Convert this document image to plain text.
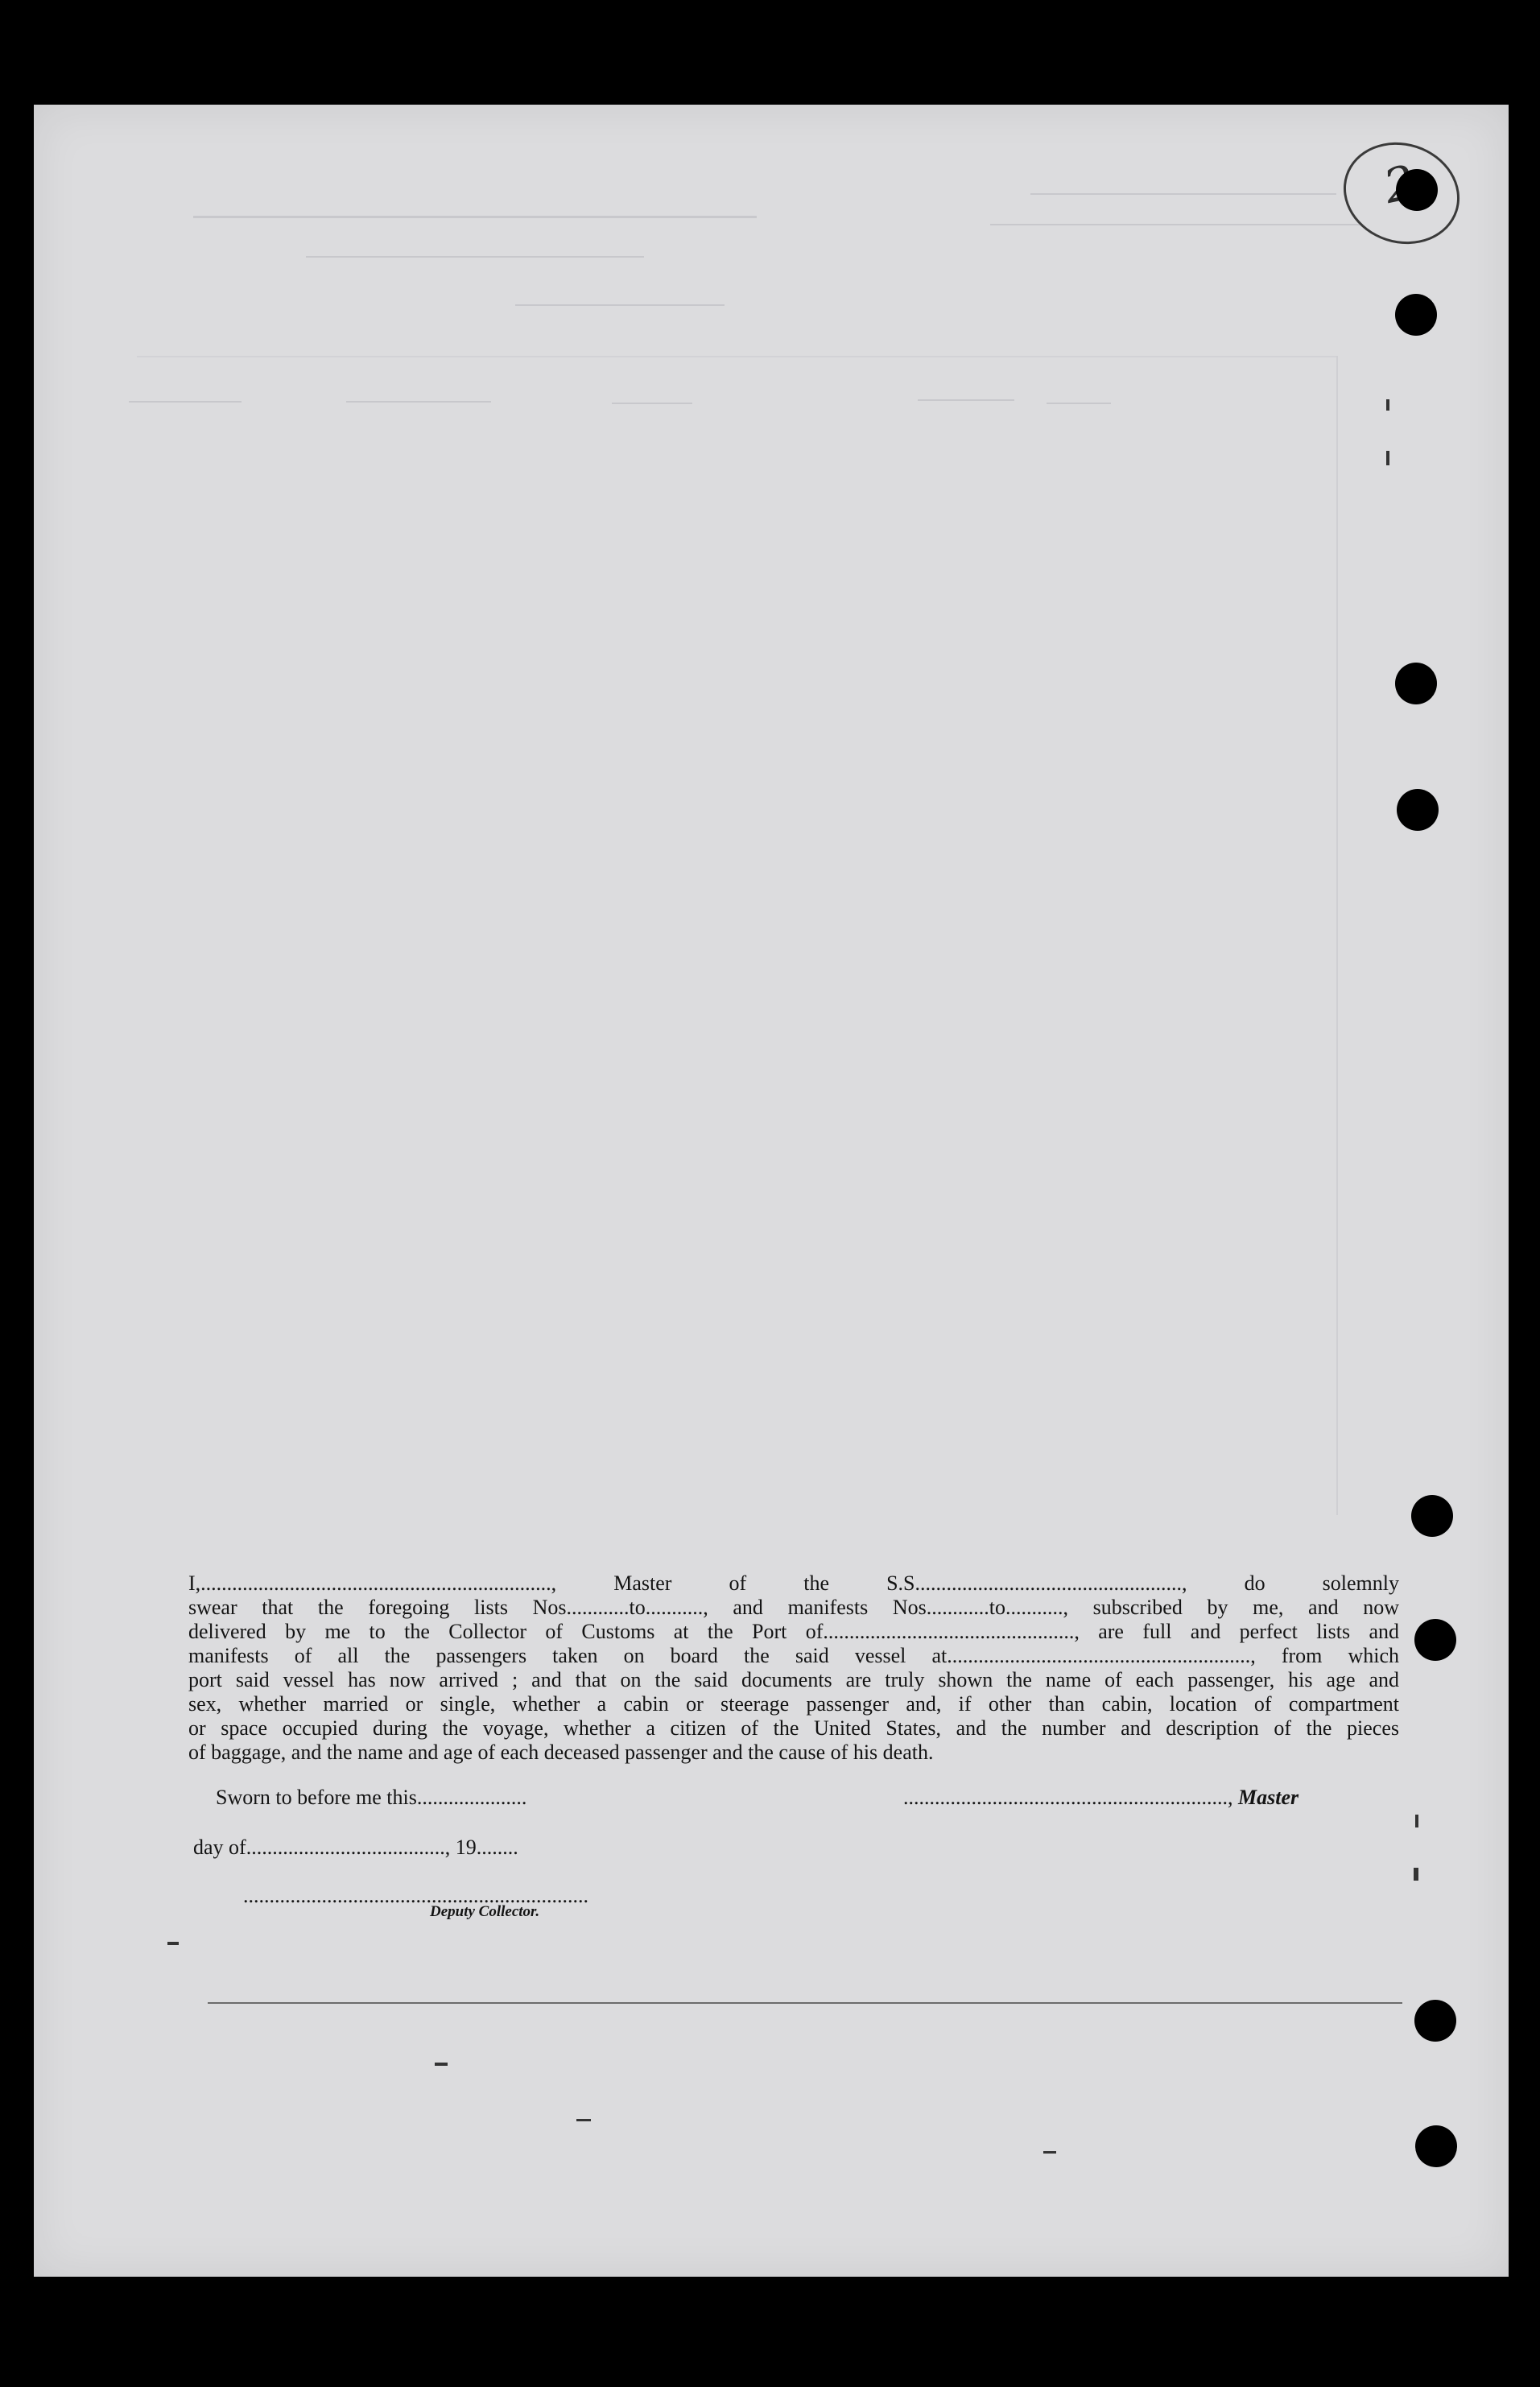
I,..................................................................., Master of the S.S..................................................., do solemnly
swear that the foregoing lists Nos............to..........., and manifests Nos............to..........., subscribed by me, and now
delivered by me to the Collector of Customs at the Port of................................................, are full and perfect lists and
manifests of all the passengers taken on board the said vessel at.........................................................., from which
port said vessel has now arrived ; and that on the said documents are truly shown the name of each passenger, his age and
sex, whether married or single, whether a cabin or steerage passenger and, if other than cabin, location of compartment
or space occupied during the voyage, whether a citizen of the United States, and the number and description of the pieces
of baggage, and the name and age of each deceased passenger and the cause of his death.
Sworn to before me this.....................	.............................................................., Master
day of......................................, 19........
..................................................................
Deputy Collector.
